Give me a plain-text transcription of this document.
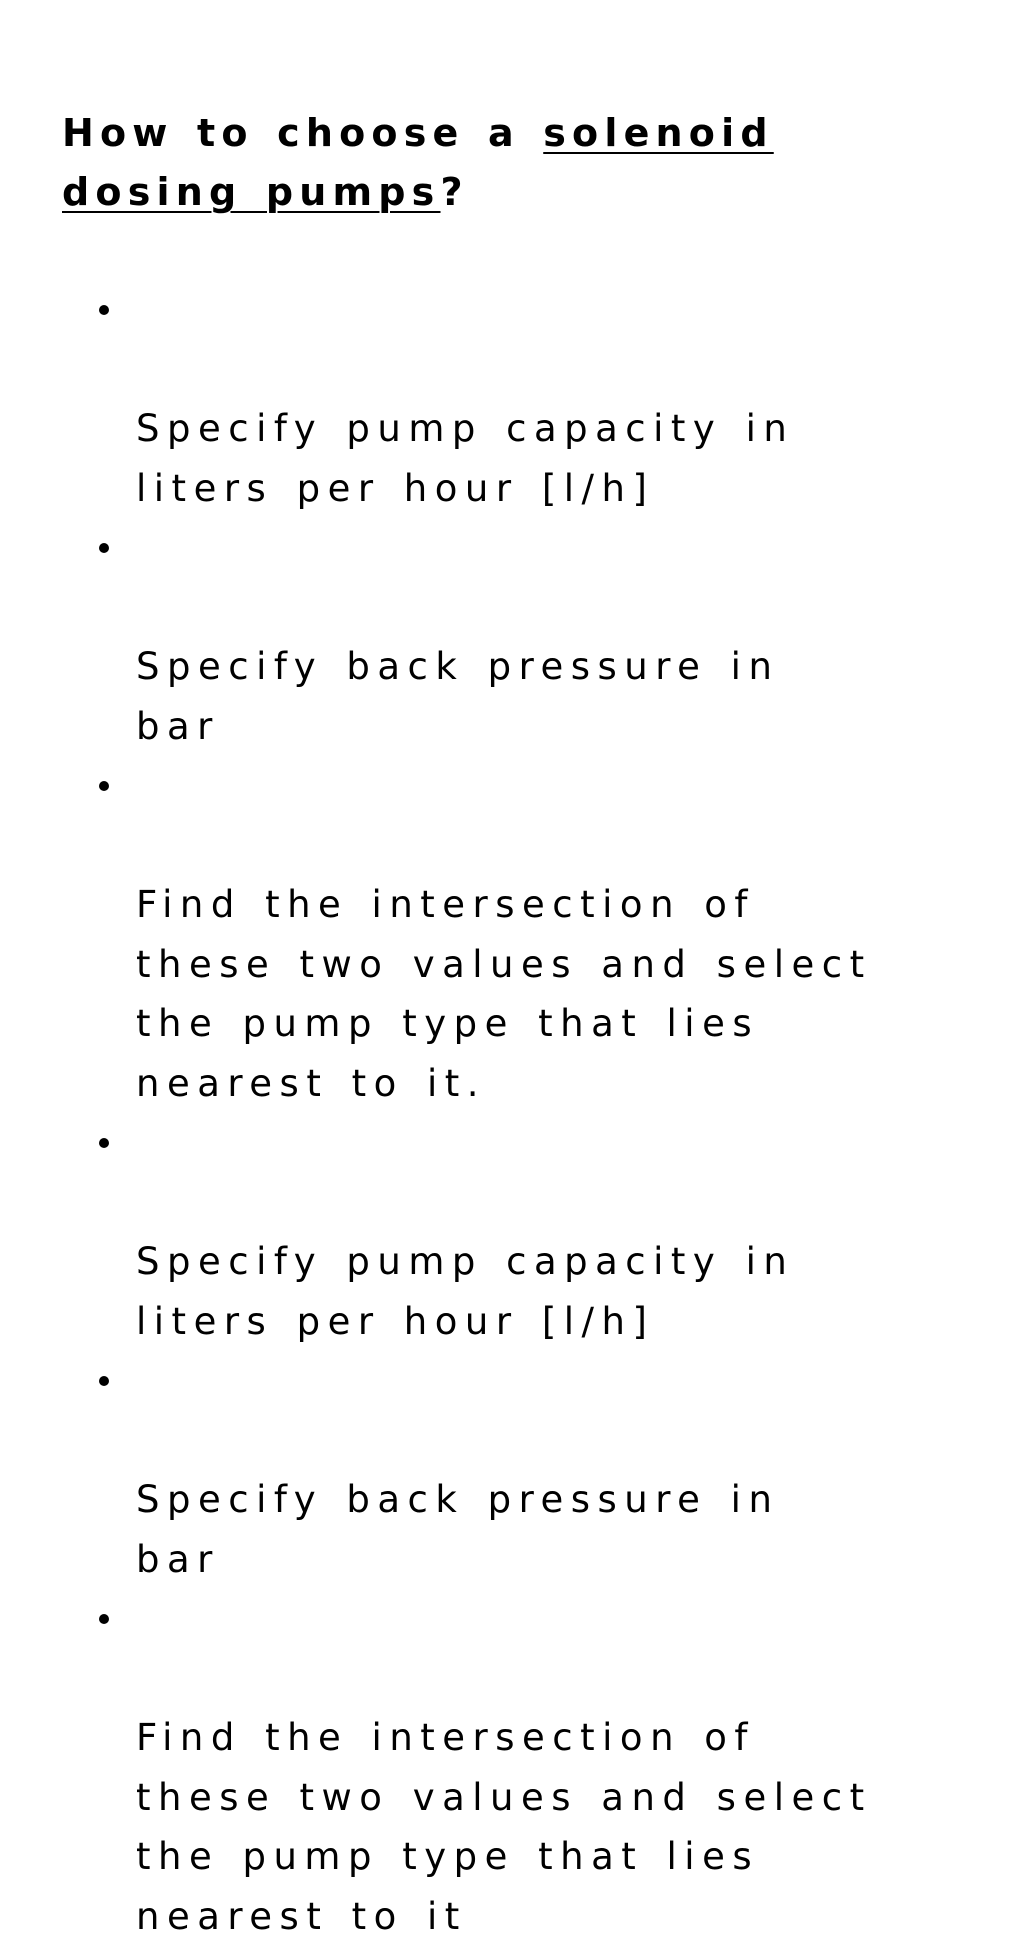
How to choose a solenoid dosing pumps?

Specify pump capacity in
liters per hour [l/h]

Specify back pressure in
bar

Find the intersection of
these two values and select
the pump type that lies
nearest to it.

Specify pump capacity in
liters per hour [l/h]

Specify back pressure in
bar

Find the intersection of
these two values and select
the pump type that lies
nearest to it
